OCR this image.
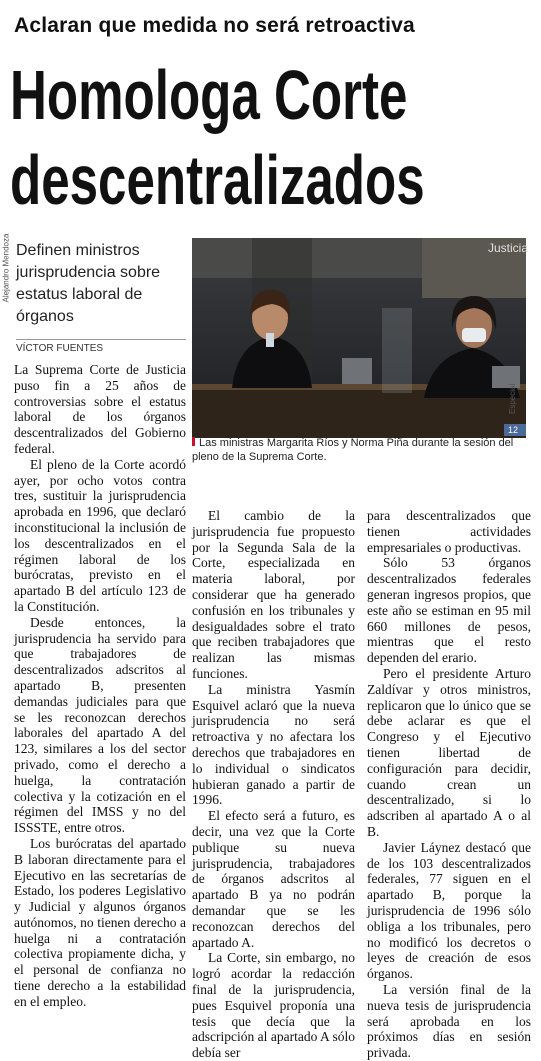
Aclaran que medida no será retroactiva
Homologa Corte
descentralizados
Alejandro Mendoza Definen ministros jurisprudencia sobre estatus laboral de órganos
VÍCTOR FUENTES

La Suprema Corte de Justicia puso fin a 25 años de controversias sobre el estatus laboral de los órganos descentralizados del Gobierno federal.

El pleno de la Corte acordó ayer, por ocho votos contra tres, sustituir la jurisprudencia aprobada en 1996, que declaró inconstitucional la inclusión de los descentralizados en el régimen laboral de los burócratas, previsto en el apartado B del artículo 123 de la Constitución.

Desde entonces, la jurisprudencia ha servido para que trabajadores de descentralizados adscritos al apartado B, presenten demandas judiciales para que se les reconozcan derechos laborales del apartado A del 123, similares a los del sector privado, como el derecho a huelga, la contratación colectiva y la cotización en el régimen del IMSS y no del ISSSTE, entre otros.

Los burócratas del apartado B laboran directamente para el Ejecutivo en las secretarías de Estado, los poderes Legislativo y Judicial y algunos órganos autónomos, no tienen derecho a huelga ni a contratación colectiva propiamente dicha, y el personal de confianza no tiene derecho a la estabilidad en el empleo.

Justicia
12
Especial
Las ministras Margarita Ríos y Norma Piña durante la sesión del pleno de la Suprema Corte.

El cambio de la jurisprudencia fue propuesto por la Segunda Sala de la Corte, especializada en materia laboral, por considerar que ha generado confusión en los tribunales y desigualdades sobre el trato que reciben trabajadores que realizan las mismas funciones.

La ministra Yasmín Esquivel aclaró que la nueva jurisprudencia no será retroactiva y no afectara los derechos que trabajadores en lo individual o sindicatos hubieran ganado a partir de 1996.

El efecto será a futuro, es decir, una vez que la Corte publique su nueva jurisprudencia, trabajadores de órganos adscritos al apartado B ya no podrán demandar que se les reconozcan derechos del apartado A.

La Corte, sin embargo, no logró acordar la redacción final de la jurisprudencia, pues Esquivel proponía una tesis que decía que la adscripción al apartado A sólo debía ser

para descentralizados que tienen actividades empresariales o productivas.

Sólo 53 órganos descentralizados federales generan ingresos propios, que este año se estiman en 95 mil 660 millones de pesos, mientras que el resto dependen del erario.

Pero el presidente Arturo Zaldívar y otros ministros, replicaron que lo único que se debe aclarar es que el Congreso y el Ejecutivo tienen libertad de configuración para decidir, cuando crean un descentralizado, si lo adscriben al apartado A o al B.

Javier Láynez destacó que de los 103 descentralizados federales, 77 siguen en el apartado B, porque la jurisprudencia de 1996 sólo obliga a los tribunales, pero no modificó los decretos o leyes de creación de esos órganos.

La versión final de la nueva tesis de jurisprudencia será aprobada en los próximos días en sesión privada.
